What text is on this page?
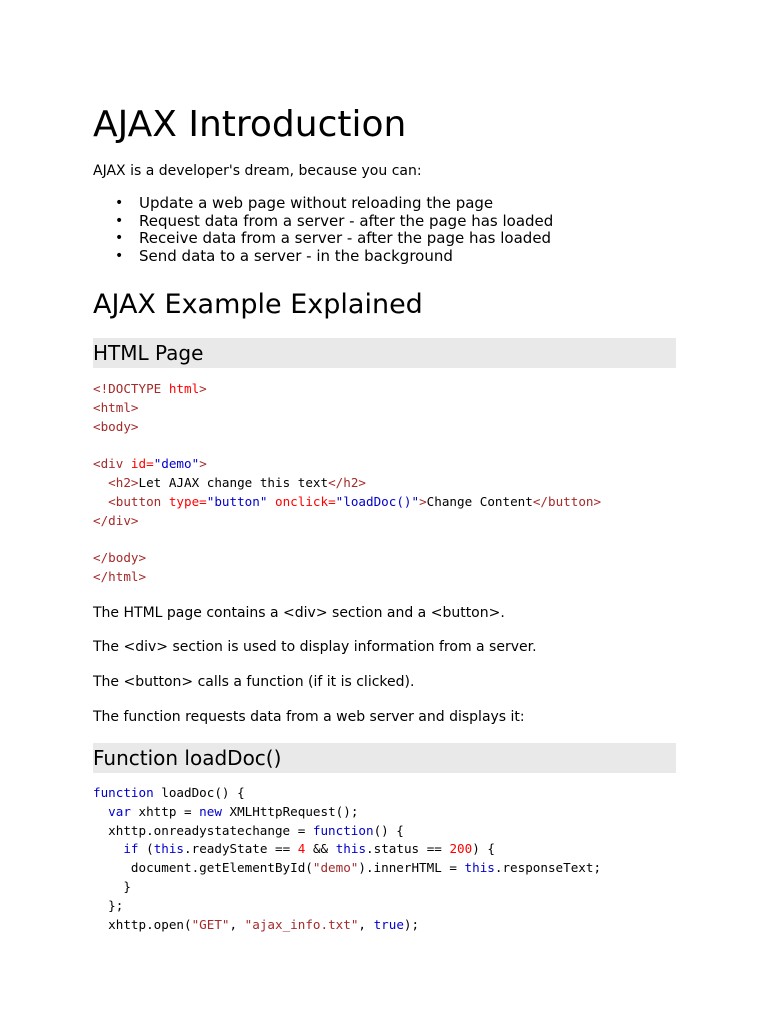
AJAX Introduction

AJAX is a developer's dream, because you can:

• Update a web page without reloading the page
• Request data from a server - after the page has loaded
• Receive data from a server - after the page has loaded
• Send data to a server - in the background
AJAX Example Explained
HTML Page
<!DOCTYPE html>
<html>
<body>

<div id="demo">
<h2>Let AJAX change this text</h2>
<button type="button" onclick="loadDoc()">Change Content</button>
</div>

</body>
</html>

The HTML page contains a <div> section and a <button>.

The <div> section is used to display information from a server.

The <button> calls a function (if it is clicked).

The function requests data from a web server and displays it:

Function loadDoc()
function loadDoc() {
var xhttp = new XMLHttpRequest();
xhttp.onreadystatechange = function() {
if (this.readyState == 4 && this.status == 200) {
document.getElementById("demo").innerHTML = this.responseText;
}
};
xhttp.open("GET", "ajax_info.txt", true);
